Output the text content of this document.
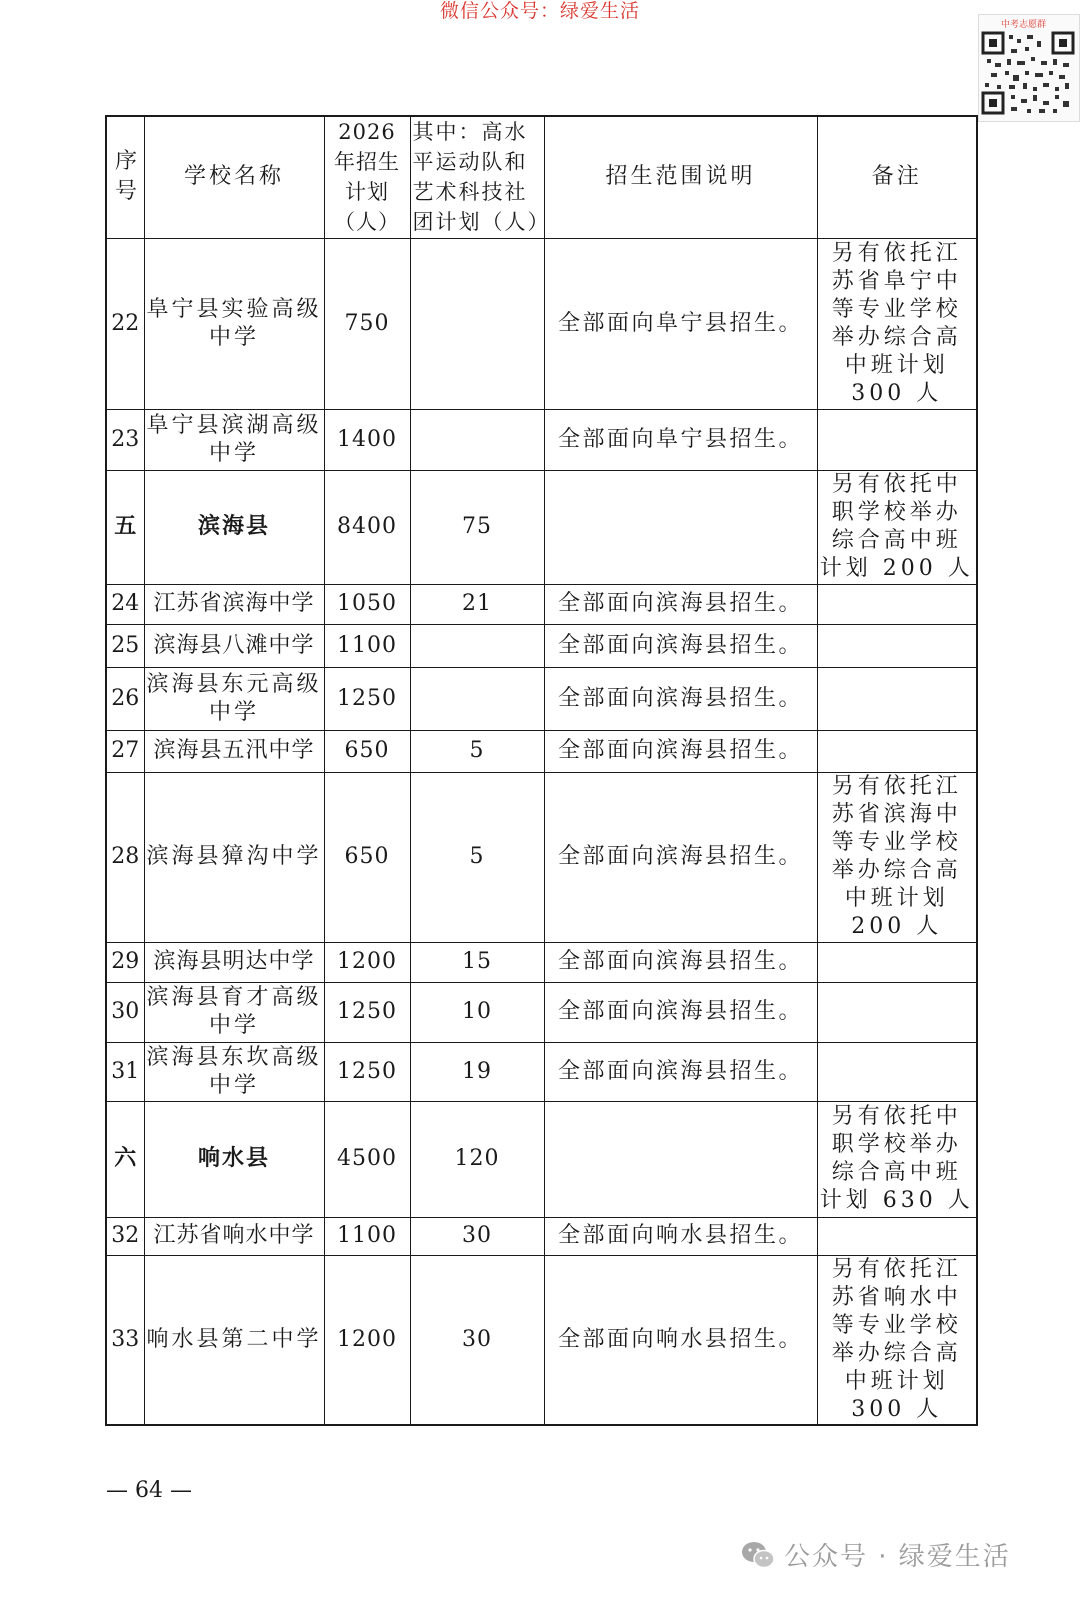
微信公众号：绿爱生活
中考志愿群
序号	学校名称	2026 年招生计划（人）	其中：高水平运动队和艺术科技社团计划（人）	招生范围说明	备注
22	阜宁县实验高级中学	750		全部面向阜宁县招生。	另有依托江苏省阜宁中等专业学校举办综合高中班计划 300 人
23	阜宁县滨湖高级中学	1400		全部面向阜宁县招生。	
五	滨海县	8400	75		另有依托中职学校举办综合高中班计划 200 人
24	江苏省滨海中学	1050	21	全部面向滨海县招生。	
25	滨海县八滩中学	1100		全部面向滨海县招生。	
26	滨海县东元高级中学	1250		全部面向滨海县招生。	
27	滨海县五汛中学	650	5	全部面向滨海县招生。	
28	滨海县獐沟中学	650	5	全部面向滨海县招生。	另有依托江苏省滨海中等专业学校举办综合高中班计划 200 人
29	滨海县明达中学	1200	15	全部面向滨海县招生。	
30	滨海县育才高级中学	1250	10	全部面向滨海县招生。	
31	滨海县东坎高级中学	1250	19	全部面向滨海县招生。	
六	响水县	4500	120		另有依托中职学校举办综合高中班计划 630 人
32	江苏省响水中学	1100	30	全部面向响水县招生。	
33	响水县第二中学	1200	30	全部面向响水县招生。	另有依托江苏省响水中等专业学校举办综合高中班计划 300 人
— 64 —
公众号 · 绿爱生活
